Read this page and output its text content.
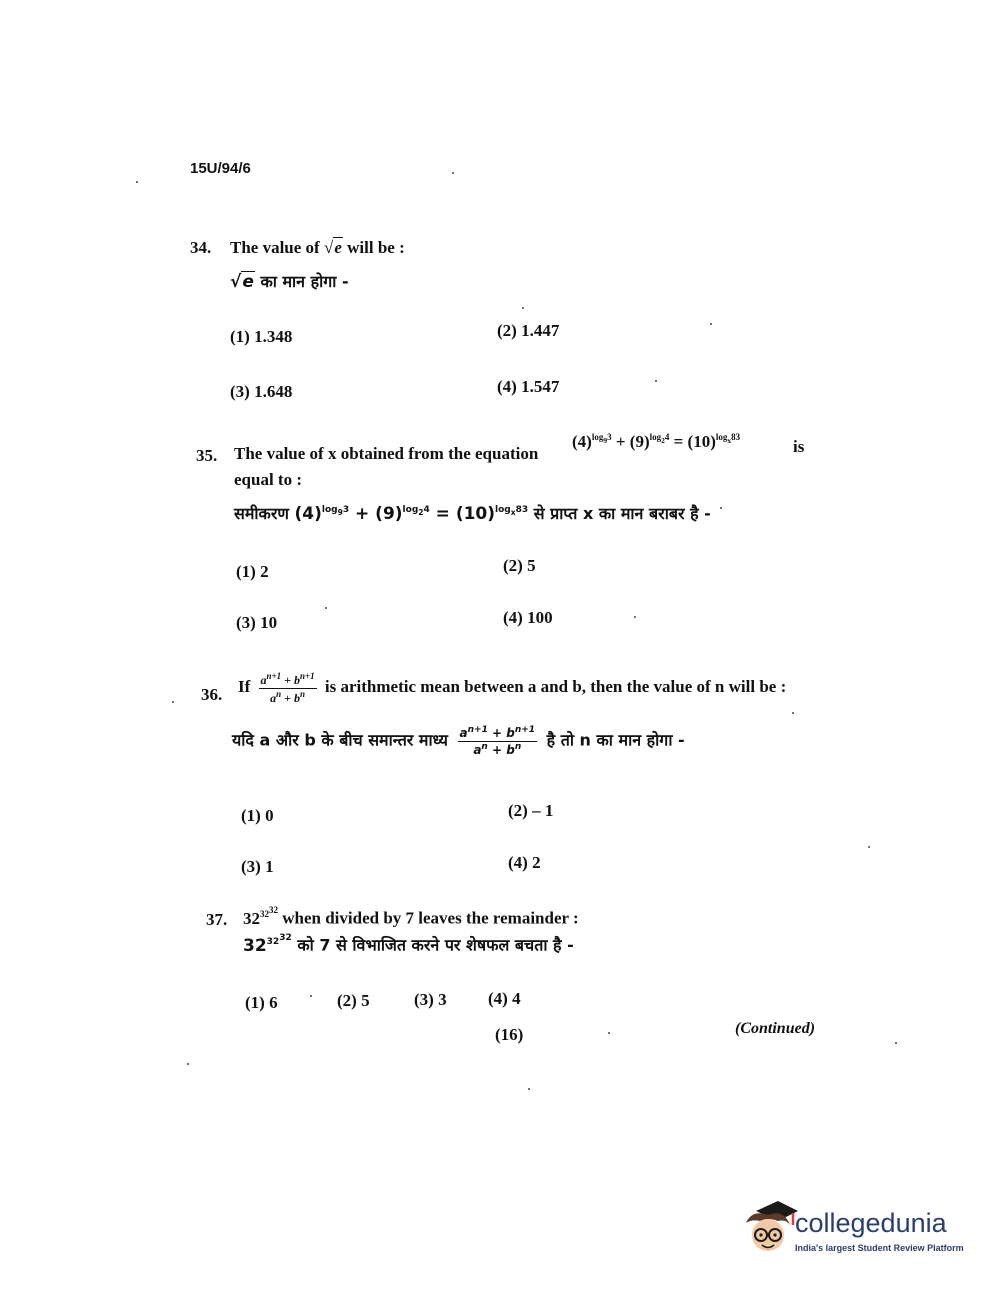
15U/94/6
34. The value of √e will be :
√e का मान होगा -
(1) 1.348	(2) 1.447
(3) 1.648	(4) 1.547
35. The value of x obtained from the equation
$(4)^{log_93} + (9)^{log_24} = (10)^{log_x83}$	is
equal to :
समीकरण $(4)^{log_93} + (9)^{log_24} = (10)^{log_x83}$ से प्राप्त x का मान बराबर है -
(1) 2	(2) 5
(3) 10	(4) 100
36. If $\frac{a^{n+1} + b^{n+1}}{a^n + b^n}$ is arithmetic mean between a and b, then the value of n will be :
यदि a और b के बीच समान्तर माध्य $\frac{a^{n+1} + b^{n+1}}{a^n + b^n}$ है तो n का मान होगा -
(1) 0	(2) – 1
(3) 1	(4) 2
37. $32^{32^{32}}$ when divided by 7 leaves the remainder :
$32^{32^{32}}$ को 7 से विभाजित करने पर शेषफल बचता है -
(1) 6	(2) 5	(3) 3 (4) 4
(16)	(Continued)
collegedunia
India's largest Student Review Platform
